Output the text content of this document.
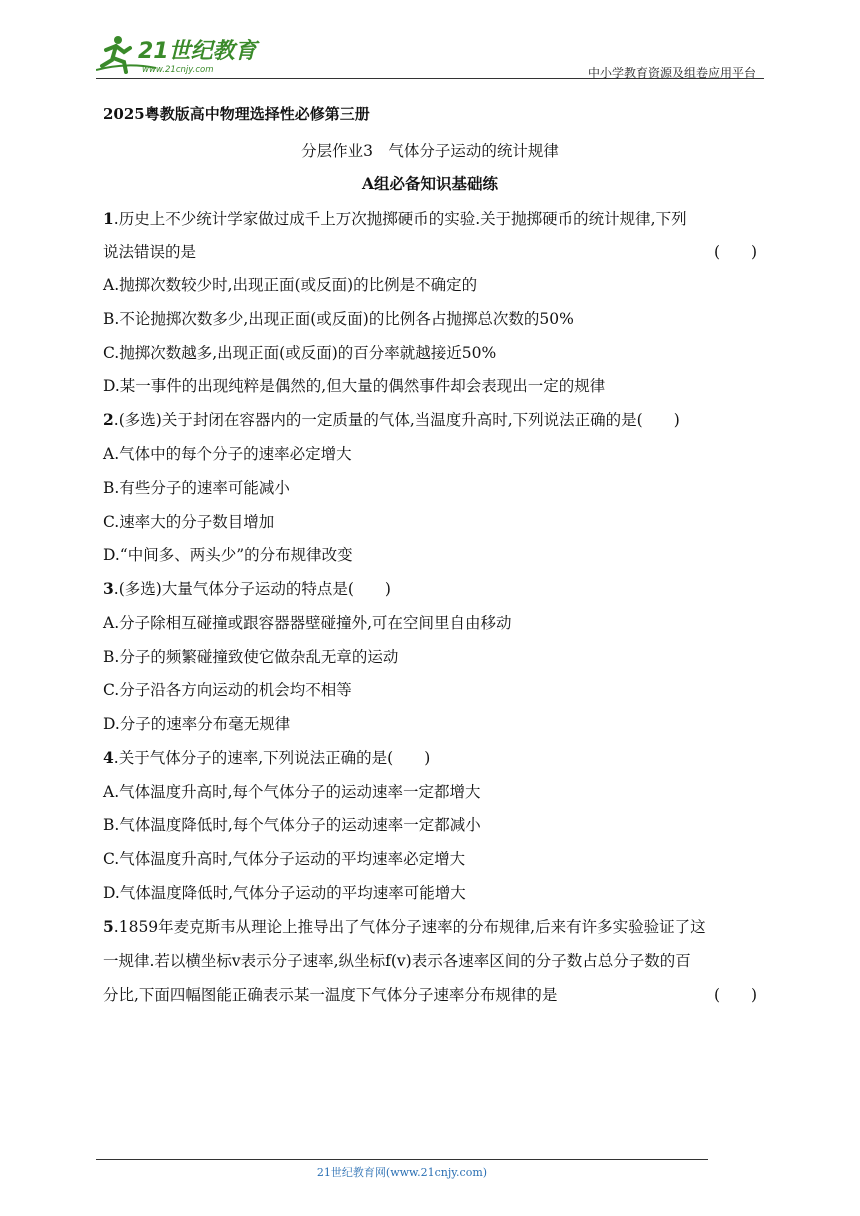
21世纪教育
www.21cnjy.com	中小学教育资源及组卷应用平台
2025粤教版高中物理选择性必修第三册
分层作业3　气体分子运动的统计规律
A组必备知识基础练
1.历史上不少统计学家做过成千上万次抛掷硬币的实验.关于抛掷硬币的统计规律,下列
说法错误的是	(　　)
A.抛掷次数较少时,出现正面(或反面)的比例是不确定的
B.不论抛掷次数多少,出现正面(或反面)的比例各占抛掷总次数的50%
C.抛掷次数越多,出现正面(或反面)的百分率就越接近50%
D.某一事件的出现纯粹是偶然的,但大量的偶然事件却会表现出一定的规律
2.(多选)关于封闭在容器内的一定质量的气体,当温度升高时,下列说法正确的是(　　)
A.气体中的每个分子的速率必定增大
B.有些分子的速率可能减小
C.速率大的分子数目增加
D.“中间多、两头少”的分布规律改变
3.(多选)大量气体分子运动的特点是(　　)
A.分子除相互碰撞或跟容器器壁碰撞外,可在空间里自由移动
B.分子的频繁碰撞致使它做杂乱无章的运动
C.分子沿各方向运动的机会均不相等
D.分子的速率分布毫无规律
4.关于气体分子的速率,下列说法正确的是(　　)
A.气体温度升高时,每个气体分子的运动速率一定都增大
B.气体温度降低时,每个气体分子的运动速率一定都减小
C.气体温度升高时,气体分子运动的平均速率必定增大
D.气体温度降低时,气体分子运动的平均速率可能增大
5.1859年麦克斯韦从理论上推导出了气体分子速率的分布规律,后来有许多实验验证了这
一规律.若以横坐标v表示分子速率,纵坐标f(v)表示各速率区间的分子数占总分子数的百
分比,下面四幅图能正确表示某一温度下气体分子速率分布规律的是	(　　)
21世纪教育网(www.21cnjy.com)
